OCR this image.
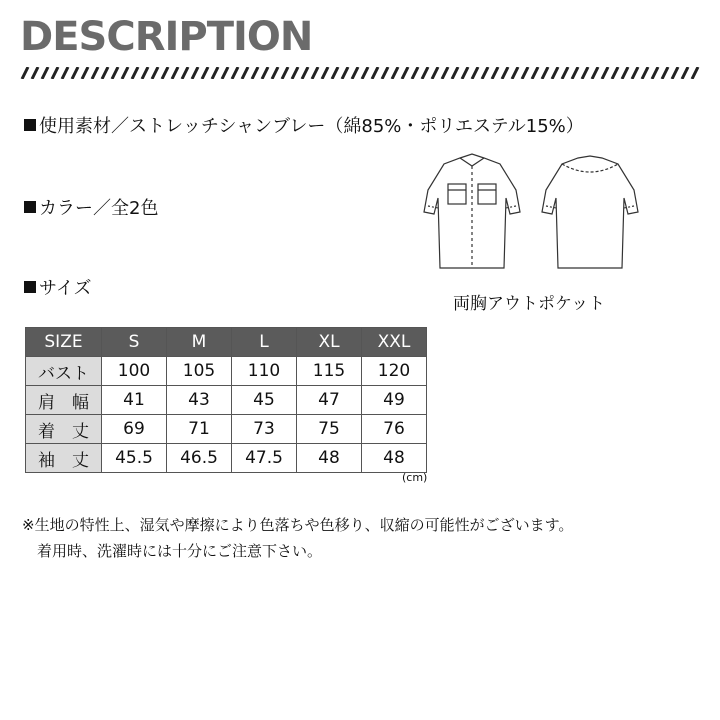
DESCRIPTION
使用素材／ストレッチシャンブレー（綿85%・ポリエステル15%）
カラー／全2色
サイズ
SIZE	S	M	L	XL	XXL
バスト	100	105	110	115	120
肩　幅	41	43	45	47	49
着　丈	69	71	73	75	76
袖　丈	45.5	46.5	47.5	48	48
(cm)
両胸アウトポケット
※生地の特性上、湿気や摩擦により色落ちや色移り、収縮の可能性がございます。
着用時、洗濯時には十分にご注意下さい。
